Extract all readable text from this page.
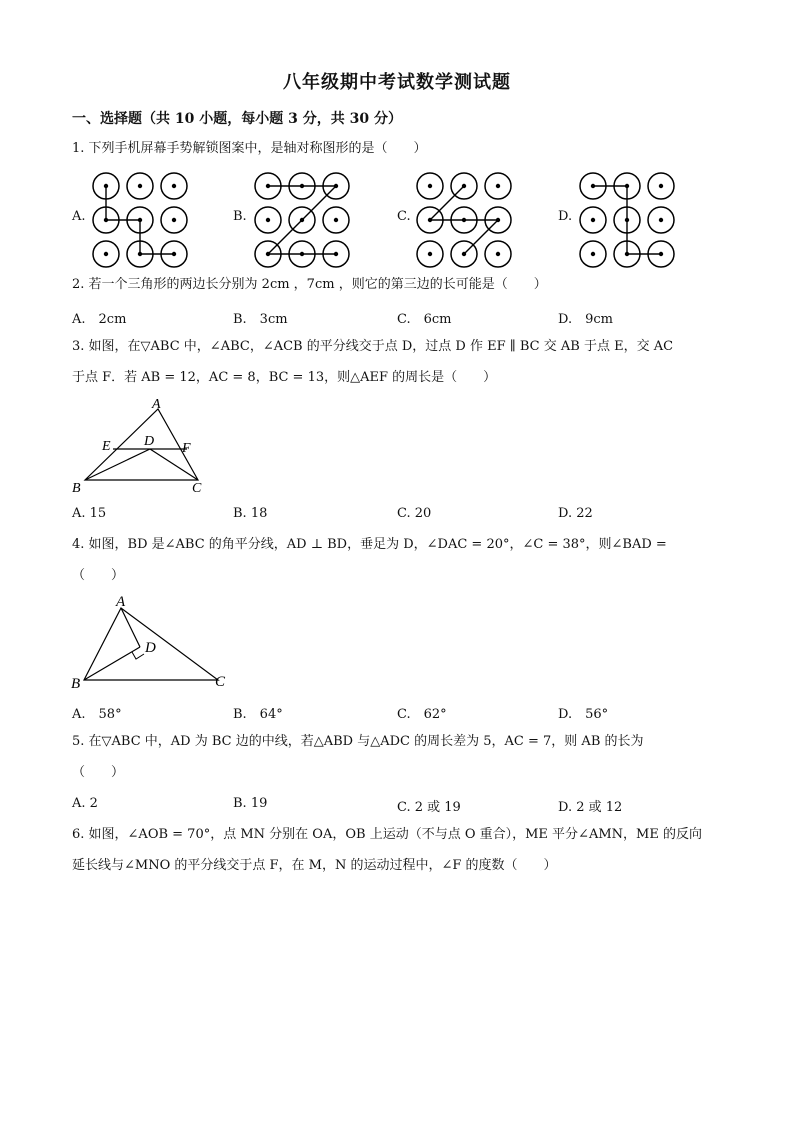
八年级期中考试数学测试题
一、选择题（共 10 小题，每小题 3 分，共 30 分）
1. 下列手机屏幕手势解锁图案中，是轴对称图形的是（　　）
A.	B.	C.	D.
2. 若一个三角形的两边长分别为 2cm ，7cm ，则它的第三边的长可能是（　　）
A.　2cm	B.　3cm	C.　6cm	D.　9cm
3. 如图，在▽ABC 中，∠ABC，∠ACB 的平分线交于点 D，过点 D 作 EF ∥ BC 交 AB 于点 E，交 AC
于点 F．若 AB = 12，AC = 8，BC = 13，则△AEF 的周长是（　　）
A
B	C
D
E	F
A. 15	B. 18	C. 20	D. 22
4. 如图，BD 是∠ABC 的角平分线，AD ⊥ BD，垂足为 D，∠DAC = 20°，∠C = 38°，则∠BAD =
（　　）
A
B	C
D
A.　58°	B.　64°	C.　62°	D.　56°
5. 在▽ABC 中，AD 为 BC 边的中线，若△ABD 与△ADC 的周长差为 5，AC = 7，则 AB 的长为
（　　）
A. 2	B. 19	C. 2 或 19	D. 2 或 12
6. 如图，∠AOB = 70°，点 MN 分别在 OA，OB 上运动（不与点 O 重合），ME 平分∠AMN，ME 的反向
延长线与∠MNO 的平分线交于点 F，在 M，N 的运动过程中，∠F 的度数（　　）
